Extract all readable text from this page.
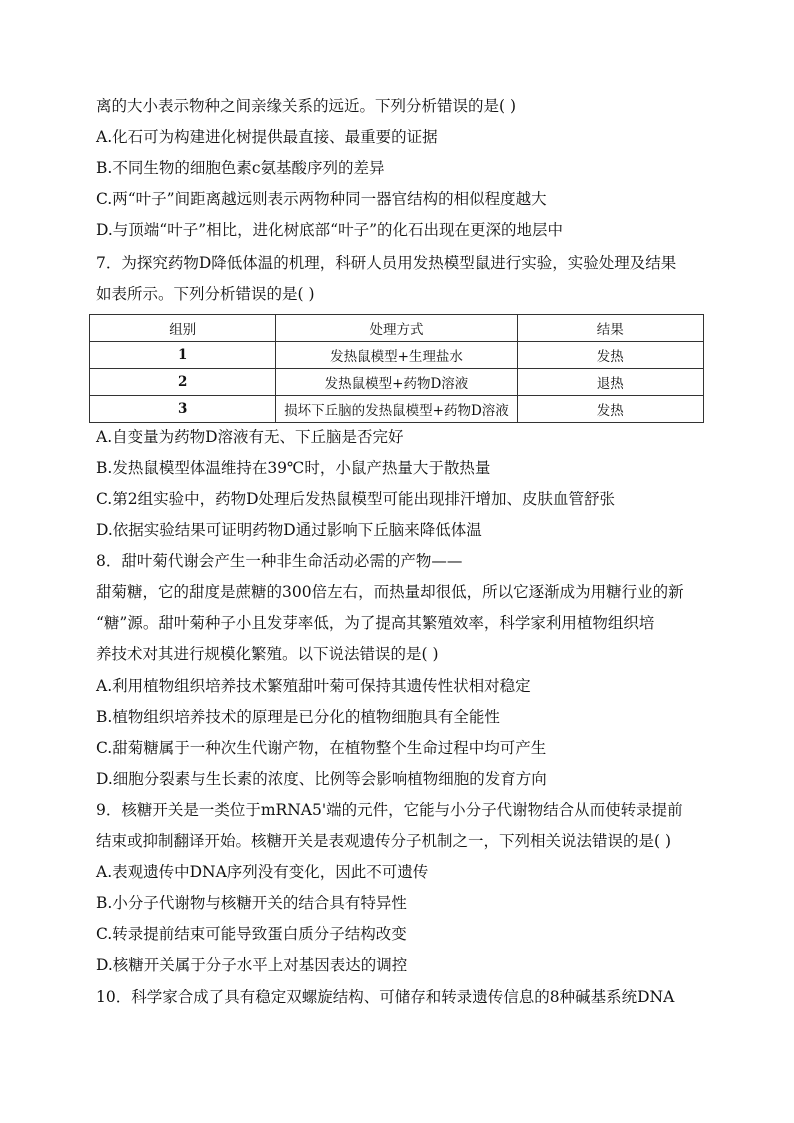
离的大小表示物种之间亲缘关系的远近。下列分析错误的是( )
A.化石可为构建进化树提供最直接、最重要的证据
B.不同生物的细胞色素c氨基酸序列的差异
C.两“叶子”间距离越远则表示两物种同一器官结构的相似程度越大
D.与顶端“叶子”相比，进化树底部“叶子”的化石出现在更深的地层中
7．为探究药物D降低体温的机理，科研人员用发热模型鼠进行实验，实验处理及结果
如表所示。下列分析错误的是( )
组别	处理方式	结果
1	发热鼠模型+生理盐水	发热
2	发热鼠模型+药物D溶液	退热
3	损坏下丘脑的发热鼠模型+药物D溶液	发热
A.自变量为药物D溶液有无、下丘脑是否完好
B.发热鼠模型体温维持在39℃时，小鼠产热量大于散热量
C.第2组实验中，药物D处理后发热鼠模型可能出现排汗增加、皮肤血管舒张
D.依据实验结果可证明药物D通过影响下丘脑来降低体温
8．甜叶菊代谢会产生一种非生命活动必需的产物——
甜菊糖，它的甜度是蔗糖的300倍左右，而热量却很低，所以它逐渐成为用糖行业的新
“糖”源。甜叶菊种子小且发芽率低，为了提高其繁殖效率，科学家利用植物组织培
养技术对其进行规模化繁殖。以下说法错误的是( )
A.利用植物组织培养技术繁殖甜叶菊可保持其遗传性状相对稳定
B.植物组织培养技术的原理是已分化的植物细胞具有全能性
C.甜菊糖属于一种次生代谢产物，在植物整个生命过程中均可产生
D.细胞分裂素与生长素的浓度、比例等会影响植物细胞的发育方向
9．核糖开关是一类位于mRNA5'端的元件，它能与小分子代谢物结合从而使转录提前
结束或抑制翻译开始。核糖开关是表观遗传分子机制之一，下列相关说法错误的是( )
A.表观遗传中DNA序列没有变化，因此不可遗传
B.小分子代谢物与核糖开关的结合具有特异性
C.转录提前结束可能导致蛋白质分子结构改变
D.核糖开关属于分子水平上对基因表达的调控
10．科学家合成了具有稳定双螺旋结构、可储存和转录遗传信息的8种碱基系统DNA
